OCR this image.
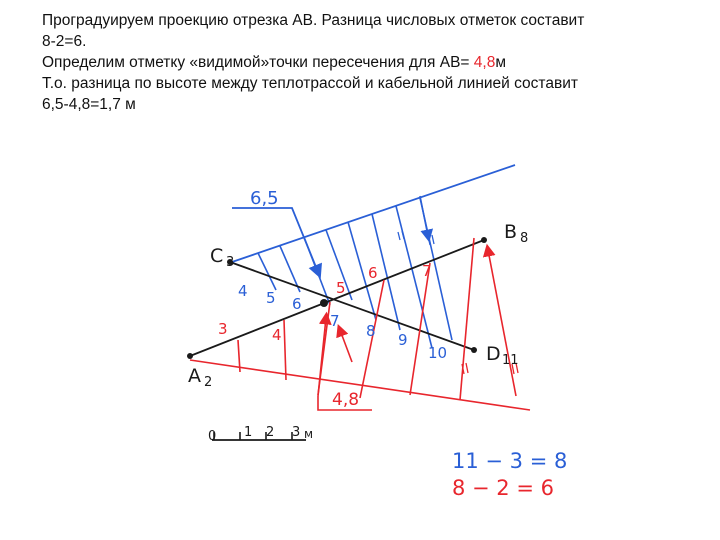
Проградуируем проекцию отрезка АВ. Разница числовых отметок составит

8-2=6.

Определим отметку «видимой»точки пересечения для АВ= 4,8м

Т.о. разница по высоте между теплотрассой и кабельной линией составит

6,5-4,8=1,7 м

6,5
4,8
C 3
B 8
A 2
D 11
4 5 6
7
8 9
10
3	4
5
6	7
0 1 2 3 м
11 − 3 = 8
8 − 2 = 6
